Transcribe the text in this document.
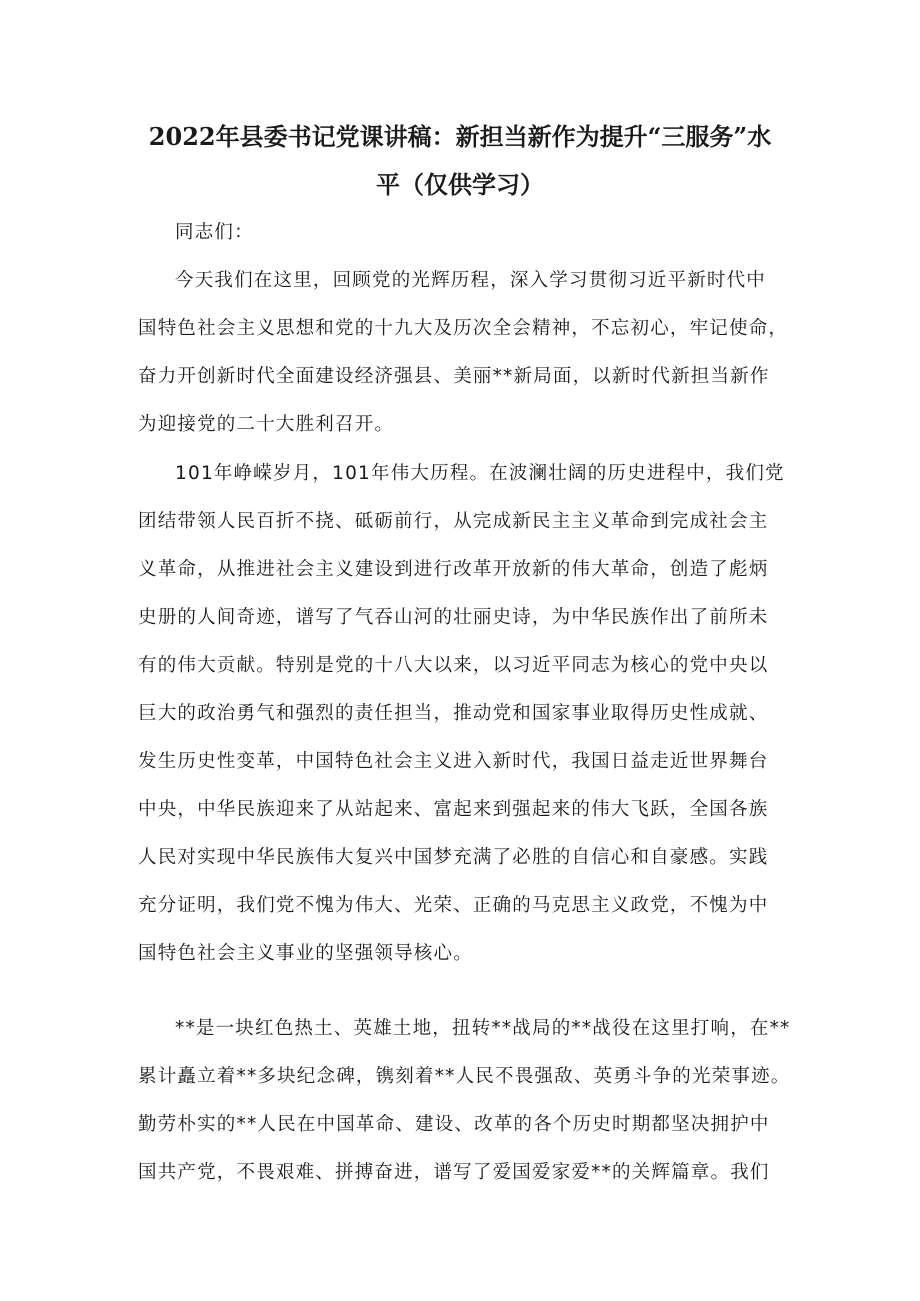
2022年县委书记党课讲稿：新担当新作为提升“三服务”水
平（仅供学习）

同志们：

今天我们在这里，回顾党的光辉历程，深入学习贯彻习近平新时代中
国特色社会主义思想和党的十九大及历次全会精神，不忘初心，牢记使命，
奋力开创新时代全面建设经济强县、美丽**新局面，以新时代新担当新作
为迎接党的二十大胜利召开。

101年峥嵘岁月，101年伟大历程。在波澜壮阔的历史进程中，我们党
团结带领人民百折不挠、砥砺前行，从完成新民主主义革命到完成社会主
义革命，从推进社会主义建设到进行改革开放新的伟大革命，创造了彪炳
史册的人间奇迹，谱写了气吞山河的壮丽史诗，为中华民族作出了前所未
有的伟大贡献。特别是党的十八大以来，以习近平同志为核心的党中央以
巨大的政治勇气和强烈的责任担当，推动党和国家事业取得历史性成就、
发生历史性变革，中国特色社会主义进入新时代，我国日益走近世界舞台
中央，中华民族迎来了从站起来、富起来到强起来的伟大飞跃，全国各族
人民对实现中华民族伟大复兴中国梦充满了必胜的自信心和自豪感。实践
充分证明，我们党不愧为伟大、光荣、正确的马克思主义政党，不愧为中
国特色社会主义事业的坚强领导核心。

**是一块红色热土、英雄土地，扭转**战局的**战役在这里打响，在**
累计矗立着**多块纪念碑，镌刻着**人民不畏强敌、英勇斗争的光荣事迹。
勤劳朴实的**人民在中国革命、建设、改革的各个历史时期都坚决拥护中
国共产党，不畏艰难、拼搏奋进，谱写了爱国爱家爱**的关辉篇章。我们
